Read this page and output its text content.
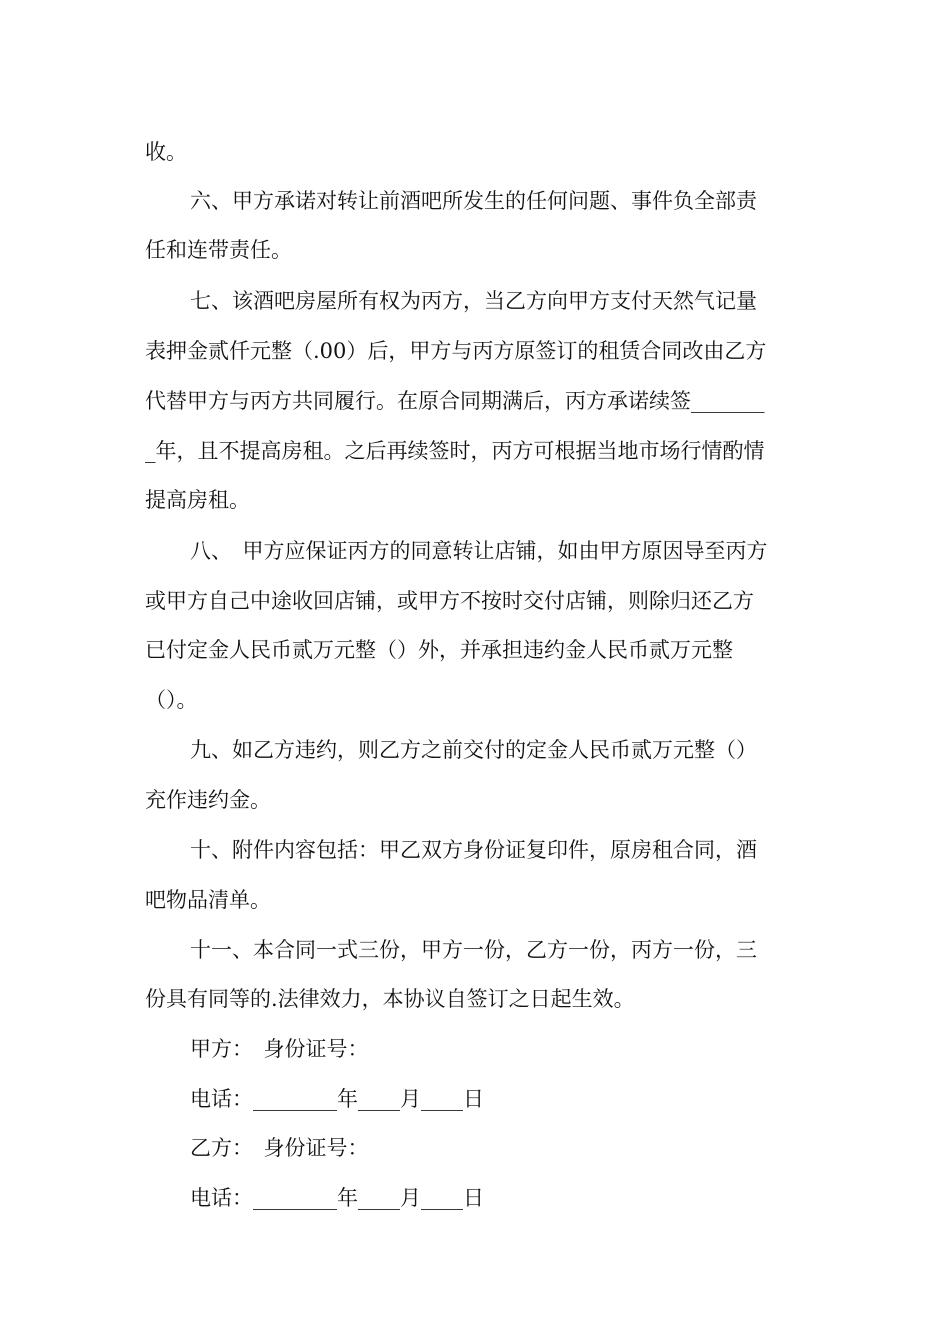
收。
六、甲方承诺对转让前酒吧所发生的任何问题、事件负全部责
任和连带责任。
七、该酒吧房屋所有权为丙方，当乙方向甲方支付天然气记量
表押金贰仟元整（.00）后，甲方与丙方原签订的租赁合同改由乙方
代替甲方与丙方共同履行。在原合同期满后，丙方承诺续签_______
_年，且不提高房租。之后再续签时，丙方可根据当地市场行情酌情
提高房租。
八、　甲方应保证丙方的同意转让店铺，如由甲方原因导至丙方
或甲方自己中途收回店铺，或甲方不按时交付店铺，则除归还乙方
已付定金人民币贰万元整（）外，并承担违约金人民币贰万元整
（）。
九、如乙方违约，则乙方之前交付的定金人民币贰万元整（）
充作违约金。
十、附件内容包括：甲乙双方身份证复印件，原房租合同，酒
吧物品清单。
十一、本合同一式三份，甲方一份，乙方一份，丙方一份，三
份具有同等的.法律效力，本协议自签订之日起生效。
甲方：　身份证号：
电话：________年____月____日
乙方：　身份证号：
电话：________年____月____日
